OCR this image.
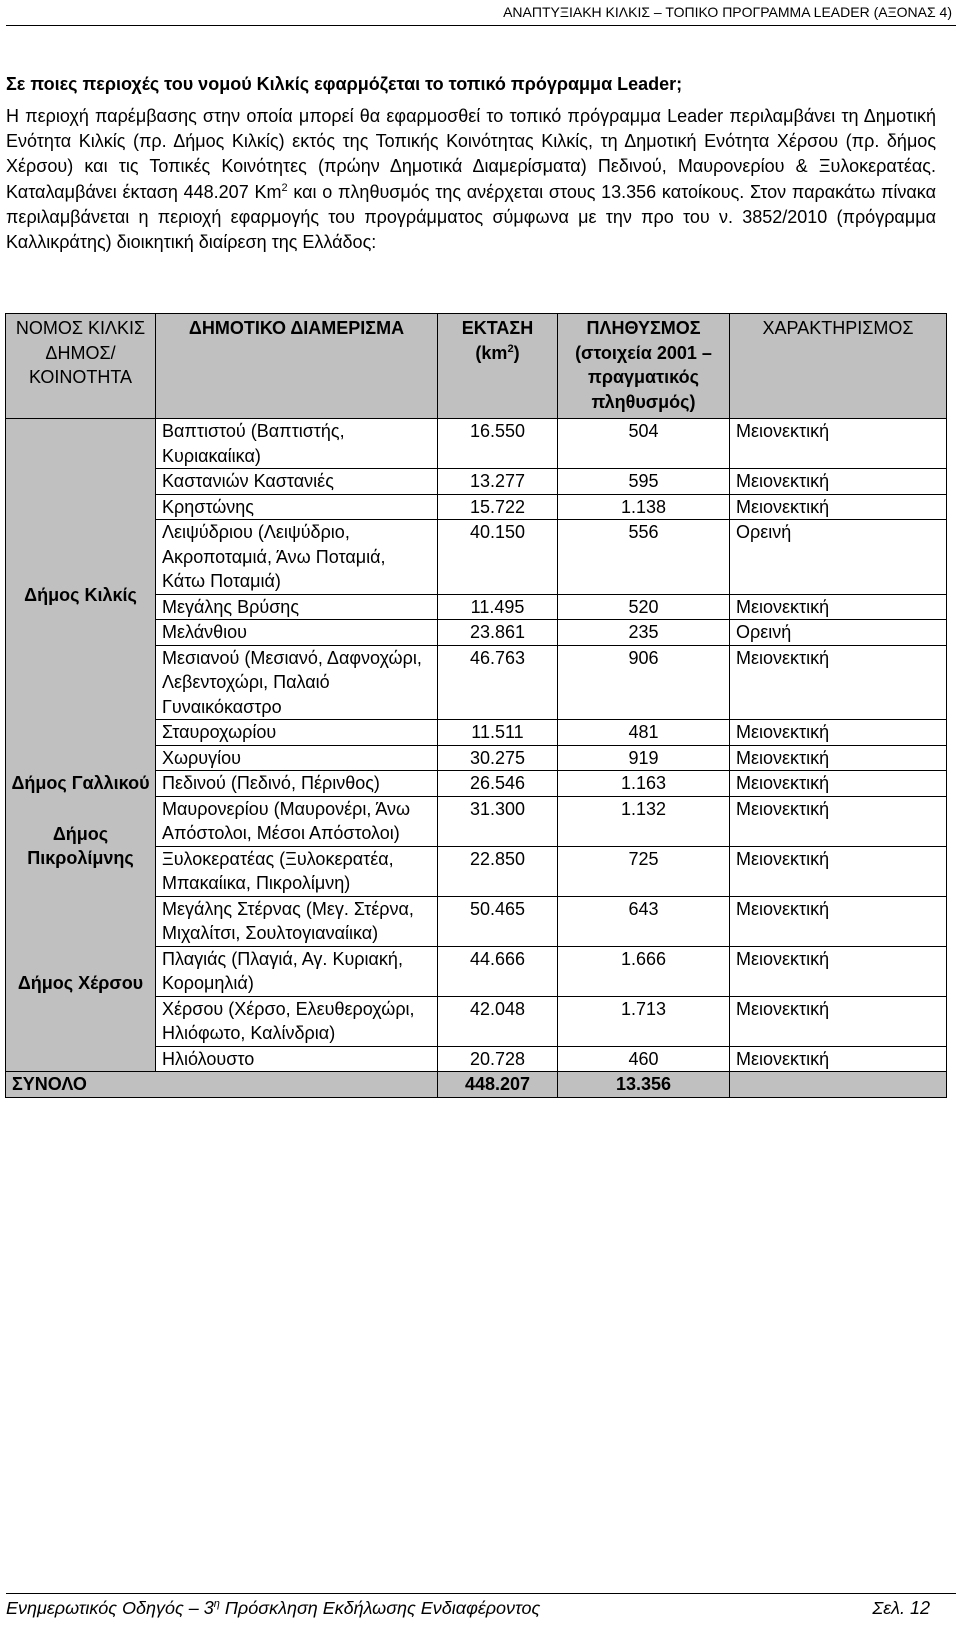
ΑΝΑΠΤΥΞΙΑΚΗ ΚΙΛΚΙΣ – ΤΟΠΙΚΟ ΠΡΟΓΡΑΜΜΑ LEADER (ΑΞΟΝΑΣ 4)
Σε ποιες περιοχές του νομού Κιλκίς εφαρμόζεται το τοπικό πρόγραμμα Leader;
Η περιοχή παρέμβασης στην οποία μπορεί θα εφαρμοσθεί το τοπικό πρόγραμμα Leader περιλαμβάνει τη Δημοτική Ενότητα Κιλκίς (πρ. Δήμος Κιλκίς) εκτός της Τοπικής Κοινότητας Κιλκίς, τη Δημοτική Ενότητα Χέρσου (πρ. δήμος Χέρσου) και τις Τοπικές Κοινότητες (πρώην Δημοτικά Διαμερίσματα) Πεδινού, Μαυρονερίου & Ξυλοκερατέας. Καταλαμβάνει έκταση 448.207 Km$^2$ και ο πληθυσμός της ανέρχεται στους 13.356 κατοίκους. Στον παρακάτω πίνακα περιλαμβάνεται η περιοχή εφαρμογής του προγράμματος σύμφωνα με την προ του ν. 3852/2010 (πρόγραμμα Καλλικράτης) διοικητική διαίρεση της Ελλάδος:
ΝΟΜΟΣ ΚΙΛΚΙΣ ΔΗΜΟΣ/ ΚΟΙΝΟΤΗΤΑ	ΔΗΜΟΤΙΚΟ ΔΙΑΜΕΡΙΣΜΑ	ΕΚΤΑΣΗ $(km^2)$	ΠΛΗΘΥΣΜΟΣ (στοιχεία 2001 –πραγματικός πληθυσμός)	ΧΑΡΑΚΤΗΡΙΣΜΟΣ
Δήμος Κιλκίς	Βαπτιστού (Βαπτιστής, Κυριακαίικα)	16.550	504	Μειονεκτική
	Καστανιών Καστανιές	13.277	595	Μειονεκτική
	Κρηστώνης	15.722	1.138	Μειονεκτική
	Λειψύδριου (Λειψύδριο, Ακροποταμιά, Άνω Ποταμιά, Κάτω Ποταμιά)	40.150	556	Ορεινή
	Μεγάλης Βρύσης	11.495	520	Μειονεκτική
	Μελάνθιου	23.861	235	Ορεινή
	Μεσιανού (Μεσιανό, Δαφνοχώρι, Λεβεντοχώρι, Παλαιό Γυναικόκαστρο	46.763	906	Μειονεκτική
	Σταυροχωρίου	11.511	481	Μειονεκτική
	Χωρυγίου	30.275	919	Μειονεκτική
Δήμος Γαλλικού	Πεδινού (Πεδινό, Πέρινθος)	26.546	1.163	Μειονεκτική
Δήμος Πικρολίμνης	Μαυρονερίου (Μαυρονέρι, Άνω Απόστολοι, Μέσοι Απόστολοι)	31.300	1.132	Μειονεκτική
	Ξυλοκερατέας (Ξυλοκερατέα, Μπακαίικα, Πικρολίμνη)	22.850	725	Μειονεκτική
Δήμος Χέρσου	Μεγάλης Στέρνας (Μεγ. Στέρνα, Μιχαλίτσι, Σουλτογιαναίικα)	50.465	643	Μειονεκτική
	Πλαγιάς (Πλαγιά, Αγ. Κυριακή, Κορομηλιά)	44.666	1.666	Μειονεκτική
	Χέρσου (Χέρσο, Ελευθεροχώρι, Ηλιόφωτο, Καλίνδρια)	42.048	1.713	Μειονεκτική
	Ηλιόλουστο	20.728	460	Μειονεκτική
ΣΥΝΟΛΟ		448.207	13.356	
Ενημερωτικός Οδηγός – $3^\eta$ Πρόσκληση Εκδήλωσης Ενδιαφέροντος	Σελ. 12
